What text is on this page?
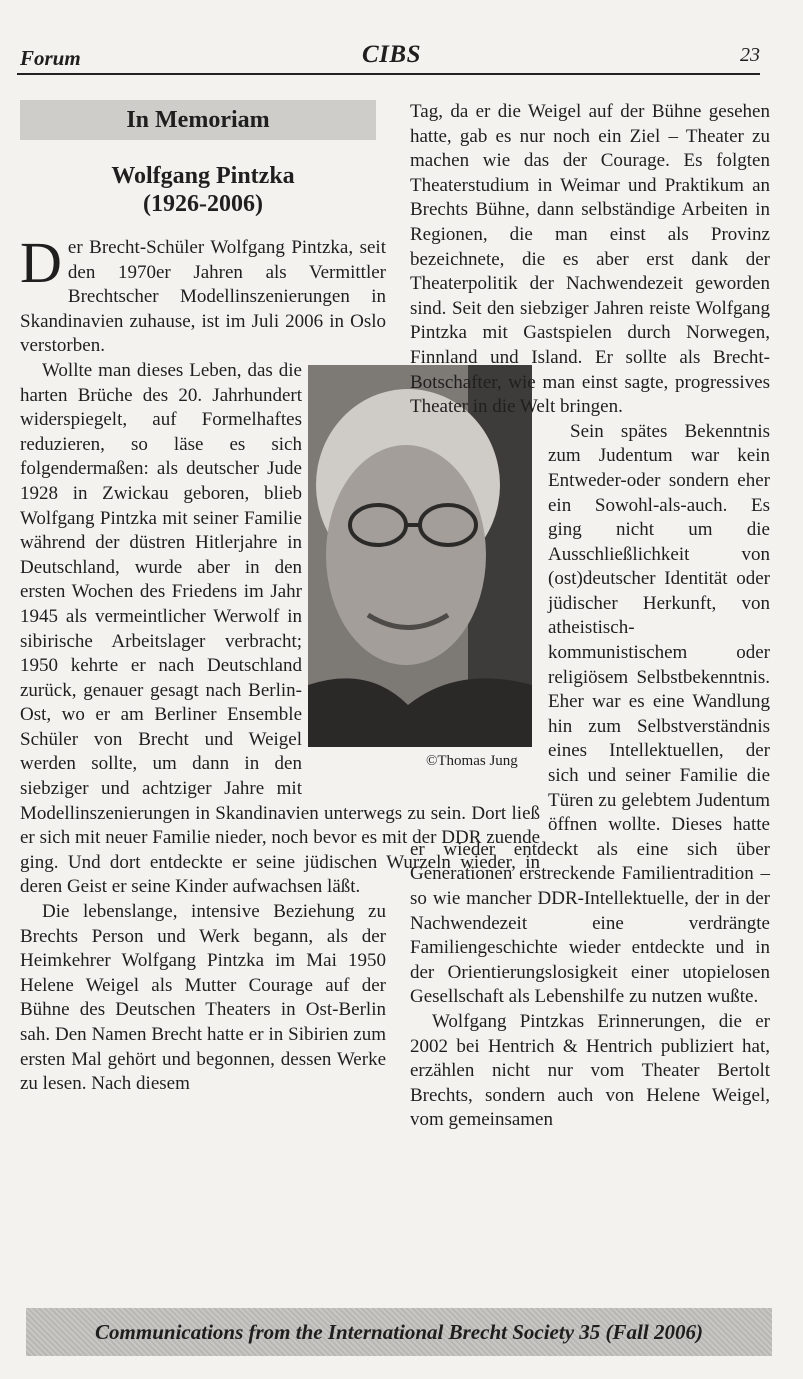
Forum	CIBS	23
In Memoriam
Wolfgang Pintzka
(1926-2006)

Der Brecht-Schüler Wolfgang Pintzka, seit den 1970er Jahren als Vermittler Brechtscher Modellinszenierungen in Skandinavien zuhause, ist im Juli 2006 in Oslo verstorben.

©Thomas Jung
Wollte man dieses Leben, das die harten Brüche des 20. Jahrhundert widerspiegelt, auf Formelhaftes reduzieren, so läse es sich folgendermaßen: als deutscher Jude 1928 in Zwickau geboren, blieb Wolfgang Pintzka mit seiner Familie während der düstren Hitlerjahre in Deutschland, wurde aber in den ersten Wochen des Friedens im Jahr 1945 als vermeintlicher Werwolf in sibirische Arbeitslager verbracht; 1950 kehrte er nach Deutschland zurück, genauer gesagt nach Berlin-Ost, wo er am Berliner Ensemble Schüler von Brecht und Weigel werden sollte, um dann in den siebziger und achtziger Jahre mit Modellinszenierungen in Skandinavien unterwegs zu sein. Dort ließ er sich mit neuer Familie nieder, noch bevor es mit der DDR zuende ging. Und dort entdeckte er seine jüdischen Wurzeln wieder, in deren Geist er seine Kinder aufwachsen läßt.

Die lebenslange, intensive Beziehung zu Brechts Person und Werk begann, als der Heimkehrer Wolfgang Pintzka im Mai 1950 Helene Weigel als Mutter Courage auf der Bühne des Deutschen Theaters in Ost-Berlin sah. Den Namen Brecht hatte er in Sibirien zum ersten Mal gehört und begonnen, dessen Werke zu lesen. Nach diesem

Tag, da er die Weigel auf der Bühne gesehen hatte, gab es nur noch ein Ziel – Theater zu machen wie das der Courage. Es folgten Theaterstudium in Weimar und Praktikum an Brechts Bühne, dann selbständige Arbeiten in Regionen, die man einst als Provinz bezeichnete, die es aber erst dank der Theaterpolitik der Nachwendezeit geworden sind. Seit den siebziger Jahren reiste Wolfgang Pintzka mit Gastspielen durch Norwegen, Finnland und Island. Er sollte als Brecht-Botschafter, wie man einst sagte, progressives Theater in die Welt bringen.

Sein spätes Bekenntnis zum Judentum war kein Entweder-oder sondern eher ein Sowohl-als-auch. Es ging nicht um die Ausschließlichkeit von (ost)deutscher Identität oder jüdischer Herkunft, von atheistisch-kommunistischem oder religiösem Selbstbekenntnis. Eher war es eine Wandlung hin zum Selbstverständnis eines Intellektuellen, der sich und seiner Familie die Türen zu gelebtem Judentum öffnen wollte. Dieses hatte er wieder entdeckt als eine sich über Generationen erstreckende Familientradition – so wie mancher DDR-Intellektuelle, der in der Nachwendezeit eine verdrängte Familiengeschichte wieder entdeckte und in der Orientierungslosigkeit einer utopielosen Gesellschaft als Lebenshilfe zu nutzen wußte.

Wolfgang Pintzkas Erinnerungen, die er 2002 bei Hentrich & Hentrich publiziert hat, erzählen nicht nur vom Theater Bertolt Brechts, sondern auch von Helene Weigel, vom gemeinsamen

Communications from the International Brecht Society 35 (Fall 2006)
